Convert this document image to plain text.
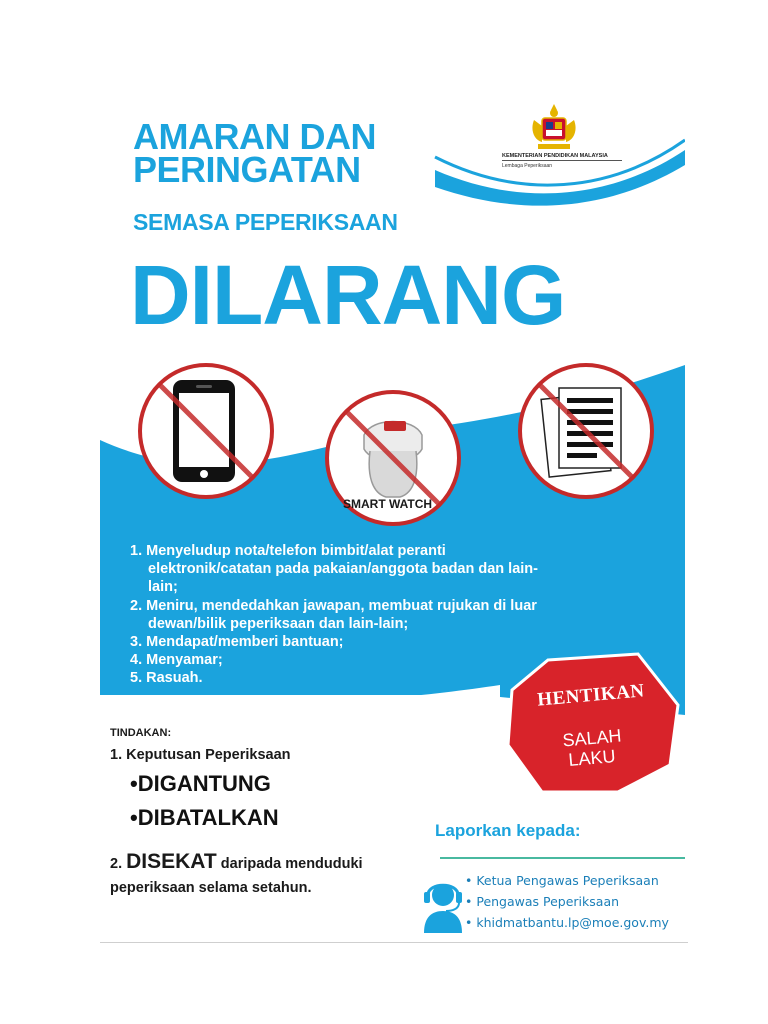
KEMENTERIAN PENDIDIKAN MALAYSIA
Lembaga Peperiksaan
AMARAN DAN
PERINGATAN
SEMASA PEPERIKSAAN
DILARANG
SMART WATCH
1. Menyeludup nota/telefon bimbit/alat peranti elektronik/catatan pada pakaian/anggota badan dan lain-lain;
2. Meniru, mendedahkan jawapan, membuat rujukan di luar dewan/bilik peperiksaan dan lain-lain;
3. Mendapat/memberi bantuan;
4. Menyamar;
5. Rasuah.
HENTIKAN
SALAH
LAKU
TINDAKAN:
1. Keputusan Peperiksaan
•DIGANTUNG
•DIBATALKAN
2. DISEKAT daripada menduduki
peperiksaan selama setahun.
Laporkan kepada:
• Ketua Pengawas Peperiksaan
• Pengawas Peperiksaan
• khidmatbantu.lp@moe.gov.my
